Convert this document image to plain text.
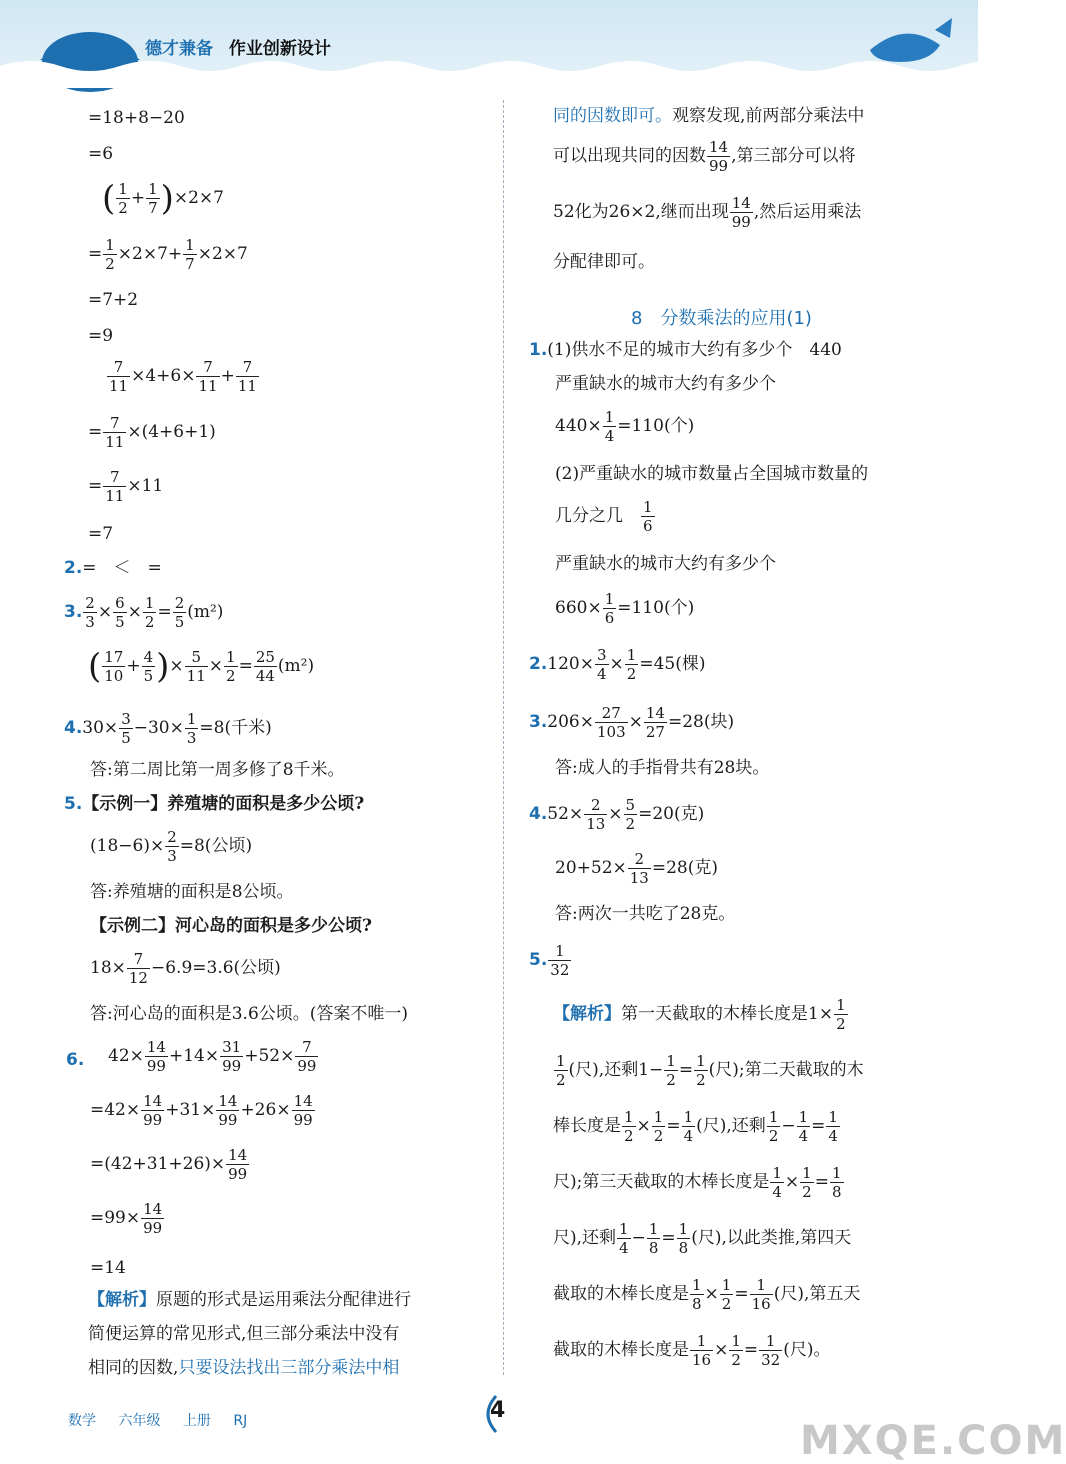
德才兼备 作业创新设计
=18+8−20
=6
( $\frac{1}{2} + \frac{1}{7} )\times 2\times 7$
= $\frac{1}{2} \times 2\times 7+ \frac{1}{7} \times 2\times 7$
=7+2
=9
$\frac{7}{11} \times 4+6\times \frac{7}{11} + \frac{7}{11}$
= $\frac{7}{11} \times(4+6+1)$
= $\frac{7}{11} \times 11$
=7
2.=　＜　=
3. $\frac{2}{3} \times \frac{6}{5} \times \frac{1}{2} = \frac{2}{5} (m^2)$
( $\frac{17}{10} + \frac{4}{5}$ )× $\frac{5}{11} \times \frac{1}{2} = \frac{25}{44} (m^2)$
$4.30\times \frac{3}{5} -30\times \frac{1}{3} =8$(千米)
答:第二周比第一周多修了8千米。
5.【示例一】养殖塘的面积是多少公顷?
$(18-6)\times \frac{2}{3} =8$(公顷)
答:养殖塘的面积是8公顷。
【示例二】河心岛的面积是多少公顷?
$18\times \frac{7}{12} -6.9=3.6$(公顷)
答:河心岛的面积是3.6公顷。(答案不唯一)
6. $42\times \frac{14}{99} +14\times \frac{31}{99} +52\times \frac{7}{99}$
$=42\times \frac{14}{99} +31\times \frac{14}{99} +26\times \frac{14}{99}$
$=(42+31+26)\times \frac{14}{99}$
$=99\times \frac{14}{99}$
=14
【解析】原题的形式是运用乘法分配律进行
简便运算的常见形式,但三部分乘法中没有
相同的因数,只要设法找出三部分乘法中相
同的因数即可。观察发现,前两部分乘法中
可以出现共同的因数 $\frac{14}{99}$ ,第三部分可以将
52化为26×2,继而出现 $\frac{14}{99}$ ,然后运用乘法
分配律即可。
8　分数乘法的应用(1)
1.(1)供水不足的城市大约有多少个　440
严重缺水的城市大约有多少个
$440\times \frac{1}{4} =110$(个)
(2)严重缺水的城市数量占全国城市数量的
几分之几　 $\frac{1}{6}$
严重缺水的城市大约有多少个
$660\times \frac{1}{6} =110$(个)
$2.120\times \frac{3}{4} \times \frac{1}{2} =45$(棵)
$3.206\times \frac{27}{103} \times \frac{14}{27} =28$(块)
答:成人的手指骨共有28块。
$4.52\times \frac{2}{13} \times \frac{5}{2} =20$(克)
$20+52\times \frac{2}{13} =28$(克)
答:两次一共吃了28克。
5. $\frac{1}{32}$
【解析】第一天截取的木棒长度是$1\times \frac{1}{2}$
$\frac{1}{2}$ (尺),还剩$1- \frac{1}{2} = \frac{1}{2}$ (尺);第二天截取的木
棒长度是 $\frac{1}{2} \times \frac{1}{2} = \frac{1}{4}$ (尺),还剩 $\frac{1}{2} - \frac{1}{4} = \frac{1}{4}$
尺);第三天截取的木棒长度是 $\frac{1}{4} \times \frac{1}{2} = \frac{1}{8}$
尺),还剩 $\frac{1}{4} - \frac{1}{8} = \frac{1}{8}$ (尺),以此类推,第四天
截取的木棒长度是 $\frac{1}{8} \times \frac{1}{2} = \frac{1}{16}$ (尺),第五天
截取的木棒长度是 $\frac{1}{16} \times \frac{1}{2} = \frac{1}{32}$ (尺)。
数学 六年级 上册 RJ	4
MXQE.COM
